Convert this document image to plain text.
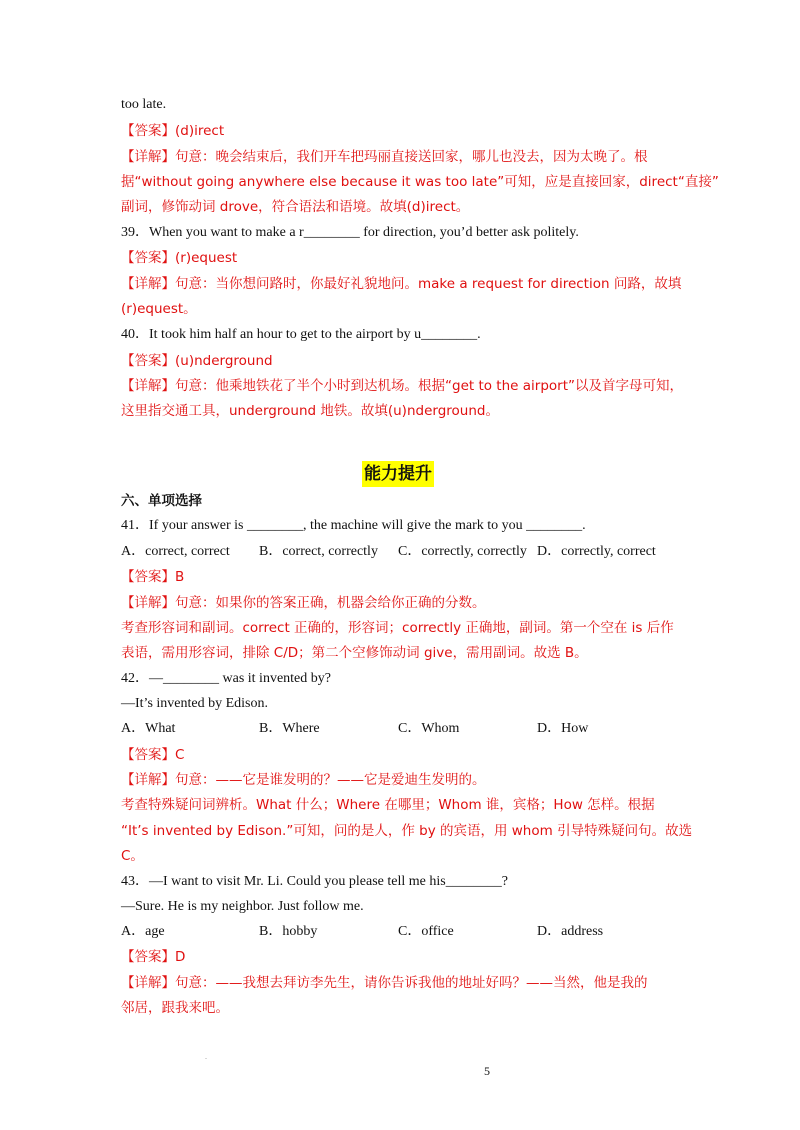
too late.
【答案】(d)irect
【详解】句意：晚会结束后，我们开车把玛丽直接送回家，哪儿也没去，因为太晚了。根
据“without going anywhere else because it was too late”可知，应是直接回家，direct“直接”
副词，修饰动词 drove，符合语法和语境。故填(d)irect。
39．When you want to make a r________ for direction, you’d better ask politely.
【答案】(r)equest
【详解】句意：当你想问路时，你最好礼貌地问。make a request for direction 问路，故填
(r)equest。
40．It took him half an hour to get to the airport by u________.
【答案】(u)nderground
【详解】句意：他乘地铁花了半个小时到达机场。根据“get to the airport”以及首字母可知，
这里指交通工具，underground 地铁。故填(u)nderground。
能力提升
六、单项选择
41．If your answer is ________, the machine will give the mark to you ________.
A．correct, correct B．correct, correctly C．correctly, correctly D．correctly, correct
【答案】B
【详解】句意：如果你的答案正确，机器会给你正确的分数。
考查形容词和副词。correct 正确的，形容词；correctly 正确地，副词。第一个空在 is 后作
表语，需用形容词，排除 C/D；第二个空修饰动词 give，需用副词。故选 B。
42．—________ was it invented by?
—It’s invented by Edison.
A．What	B．Where	C．Whom	D．How
【答案】C
【详解】句意：——它是谁发明的？——它是爱迪生发明的。
考查特殊疑问词辨析。What 什么；Where 在哪里；Whom 谁，宾格；How 怎样。根据
“It’s invented by Edison.”可知，问的是人，作 by 的宾语，用 whom 引导特殊疑问句。故选
C。
43．—I want to visit Mr. Li. Could you please tell me his________?
—Sure. He is my neighbor. Just follow me.
A．age	B．hobby	C．office	D．address
【答案】D
【详解】句意：——我想去拜访李先生，请你告诉我他的地址好吗？——当然，他是我的
邻居，跟我来吧。
.
5
